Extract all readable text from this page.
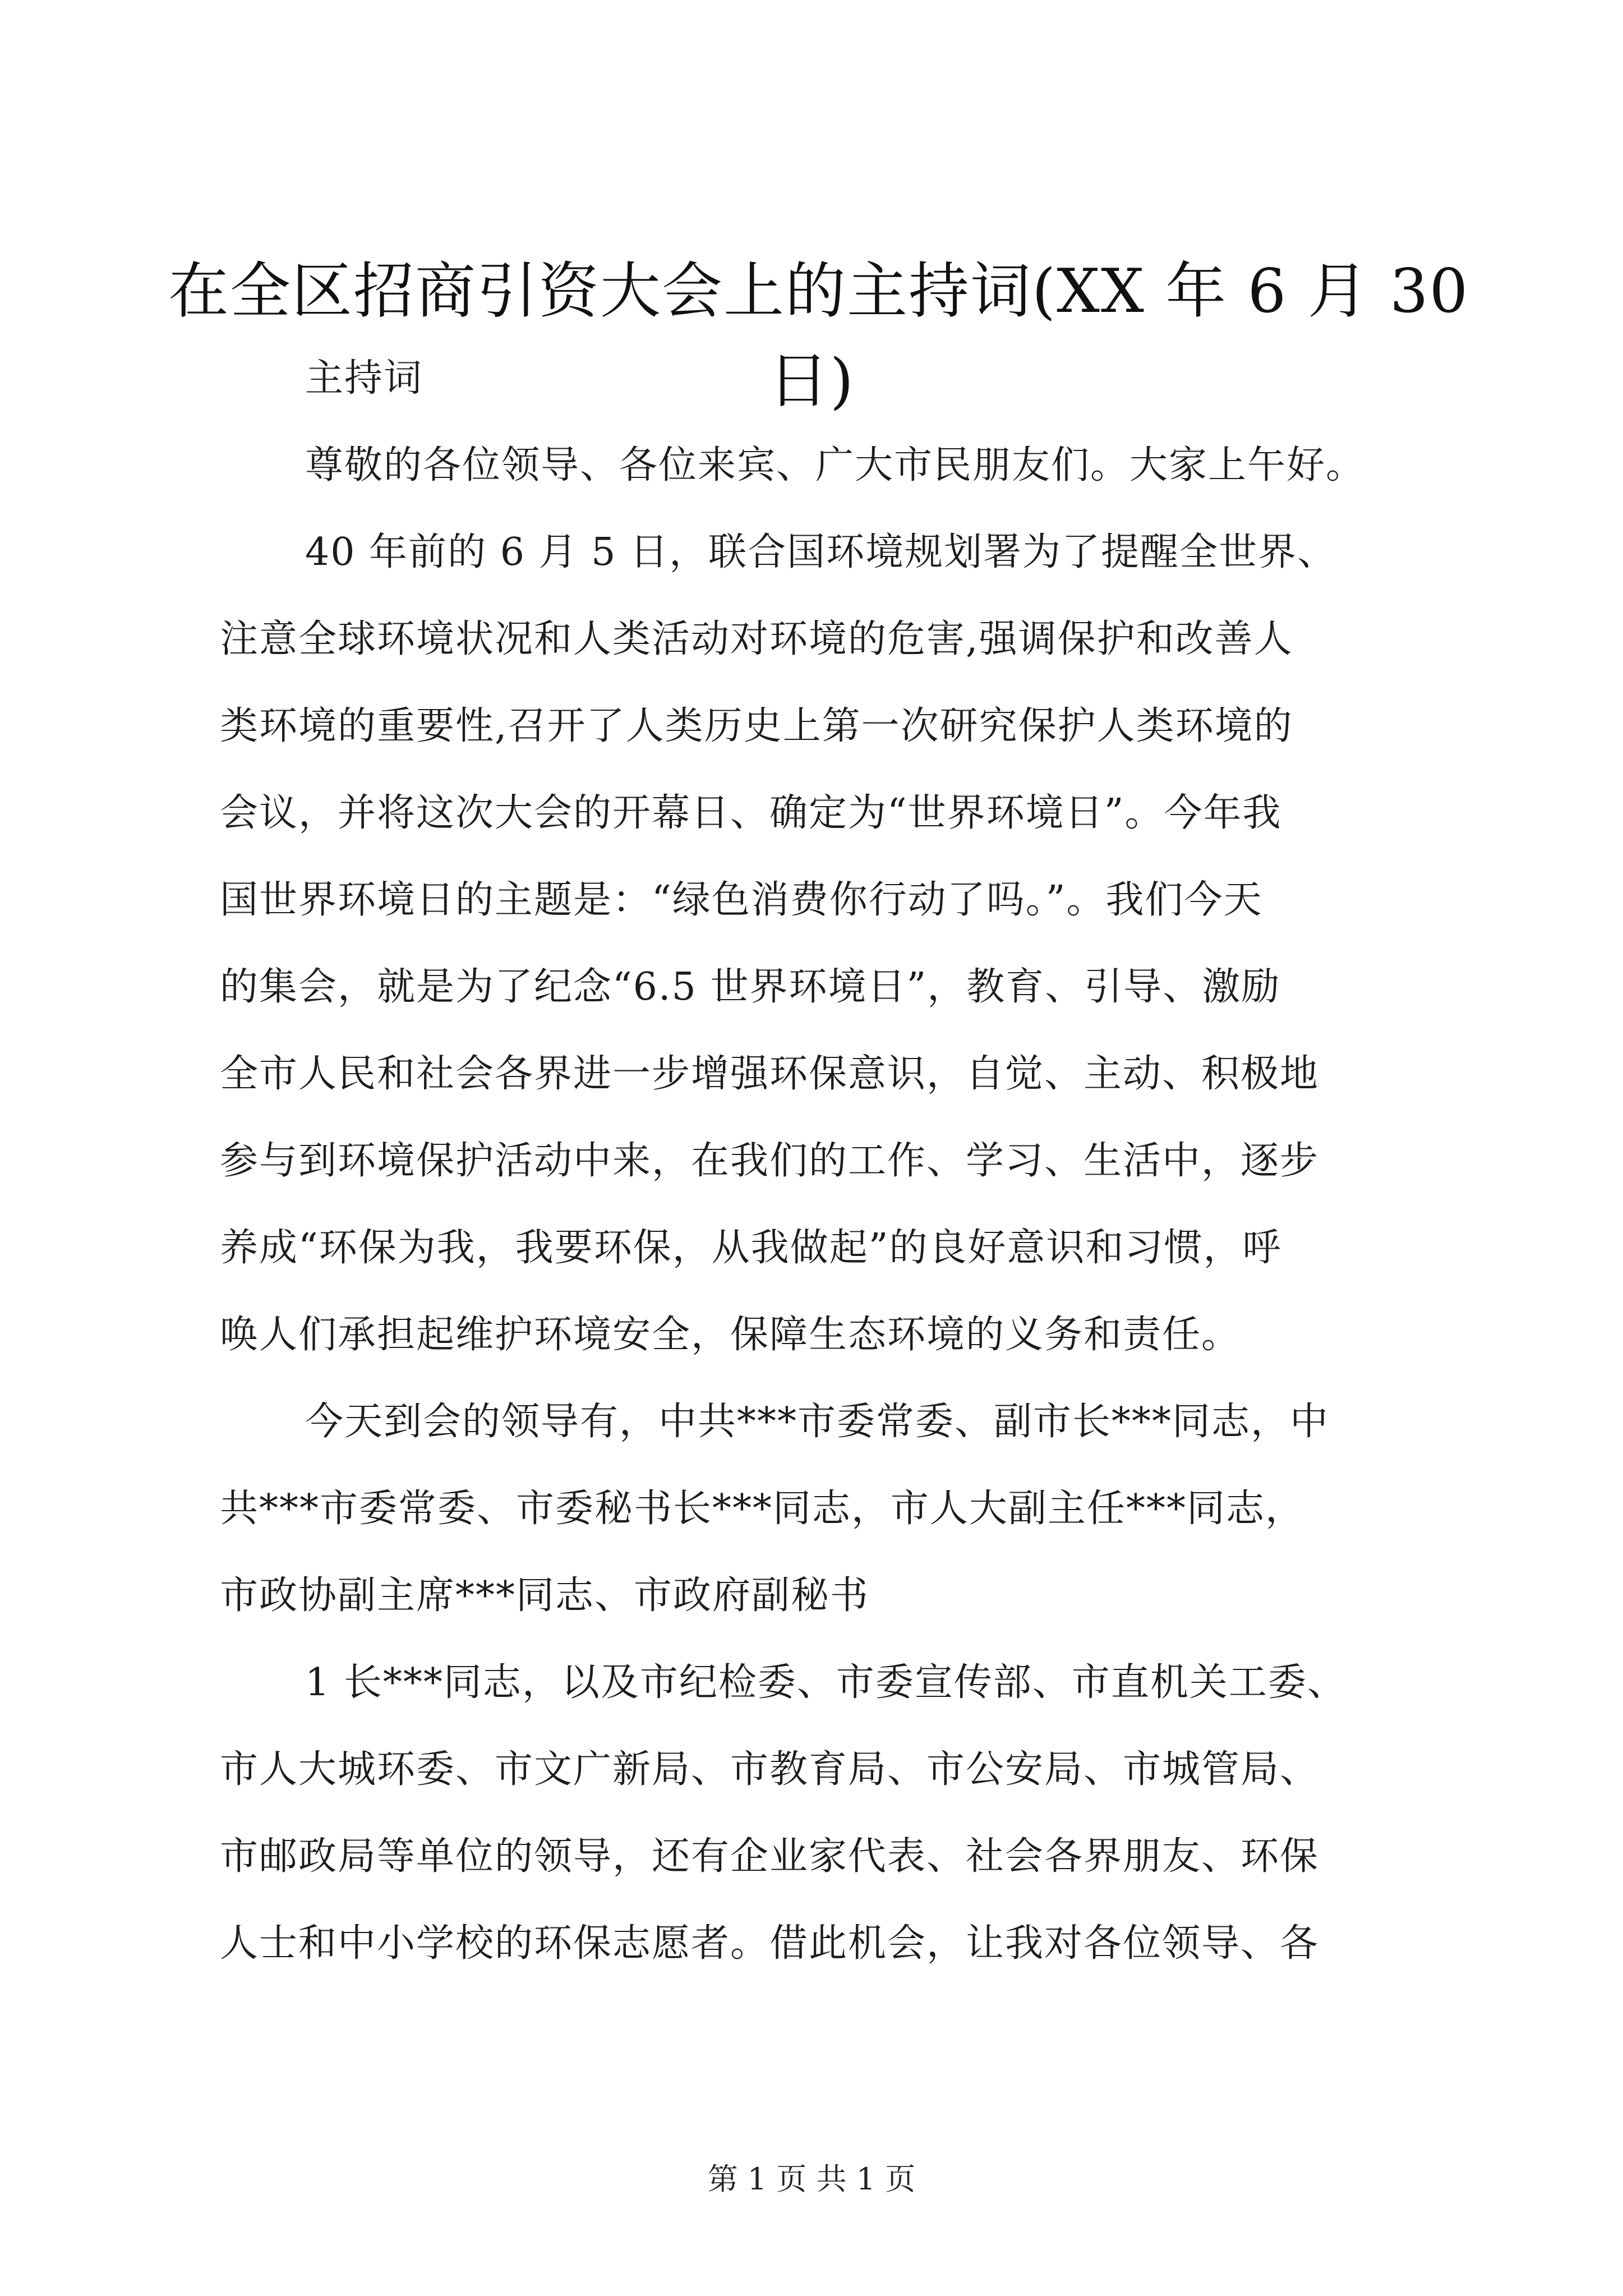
在全区招商引资大会上的主持词(XX 年 6 月 30
日)
主持词
尊敬的各位领导、各位来宾、广大市民朋友们。大家上午好。
40 年前的 6 月 5 日，联合国环境规划署为了提醒全世界、
注意全球环境状况和人类活动对环境的危害,强调保护和改善人
类环境的重要性,召开了人类历史上第一次研究保护人类环境的
会议，并将这次大会的开幕日、确定为“世界环境日”。今年我
国世界环境日的主题是：“绿色消费你行动了吗。”。我们今天
的集会，就是为了纪念“6.5 世界环境日”，教育、引导、激励
全市人民和社会各界进一步增强环保意识，自觉、主动、积极地
参与到环境保护活动中来，在我们的工作、学习、生活中，逐步
养成“环保为我，我要环保，从我做起”的良好意识和习惯，呼
唤人们承担起维护环境安全，保障生态环境的义务和责任。
今天到会的领导有，中共***市委常委、副市长***同志，中
共***市委常委、市委秘书长***同志，市人大副主任***同志，
市政协副主席***同志、市政府副秘书
1 长***同志，以及市纪检委、市委宣传部、市直机关工委、
市人大城环委、市文广新局、市教育局、市公安局、市城管局、
市邮政局等单位的领导，还有企业家代表、社会各界朋友、环保
人士和中小学校的环保志愿者。借此机会，让我对各位领导、各
第 1 页 共 1 页
